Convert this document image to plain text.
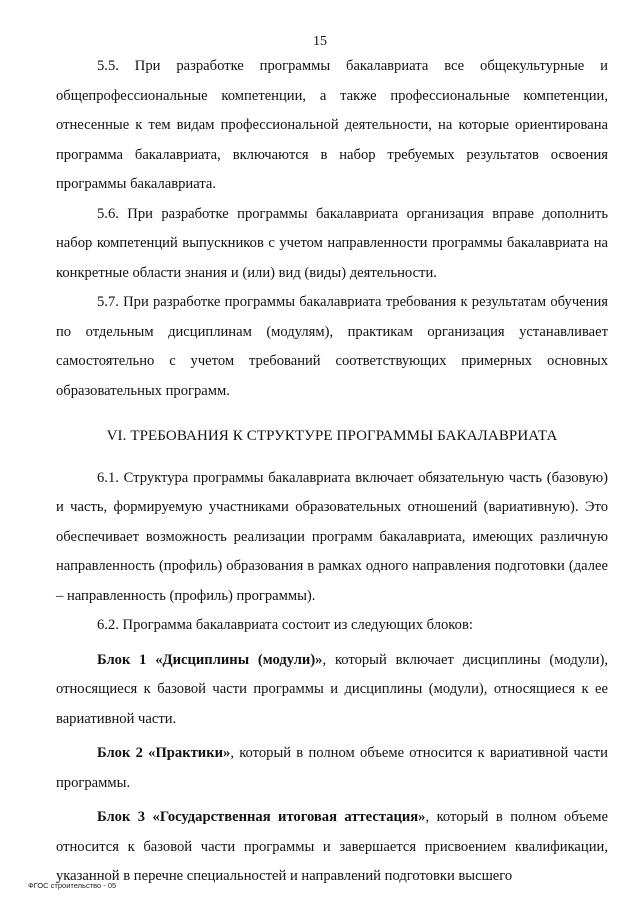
15

5.5. При разработке программы бакалавриата все общекультурные и общепрофессиональные компетенции, а также профессиональные компетенции, отнесенные к тем видам профессиональной деятельности, на которые ориентирована программа бакалавриата, включаются в набор требуемых результатов освоения программы бакалавриата.

5.6. При разработке программы бакалавриата организация вправе дополнить набор компетенций выпускников с учетом направленности программы бакалавриата на конкретные области знания и (или) вид (виды) деятельности.

5.7. При разработке программы бакалавриата требования к результатам обучения по отдельным дисциплинам (модулям), практикам организация устанавливает самостоятельно с учетом требований соответствующих примерных основных образовательных программ.

VI. ТРЕБОВАНИЯ К СТРУКТУРЕ ПРОГРАММЫ БАКАЛАВРИАТА

6.1. Структура программы бакалавриата включает обязательную часть (базовую) и часть, формируемую участниками образовательных отношений (вариативную). Это обеспечивает возможность реализации программ бакалавриата, имеющих различную направленность (профиль) образования в рамках одного направления подготовки (далее – направленность (профиль) программы).

6.2. Программа бакалавриата состоит из следующих блоков:

Блок 1 «Дисциплины (модули)», который включает дисциплины (модули), относящиеся к базовой части программы и дисциплины (модули), относящиеся к ее вариативной части.

Блок 2 «Практики», который в полном объеме относится к вариативной части программы.

Блок 3 «Государственная итоговая аттестация», который в полном объеме относится к базовой части программы и завершается присвоением квалификации, указанной в перечне специальностей и направлений подготовки высшего

ФГОС строительство - 05
